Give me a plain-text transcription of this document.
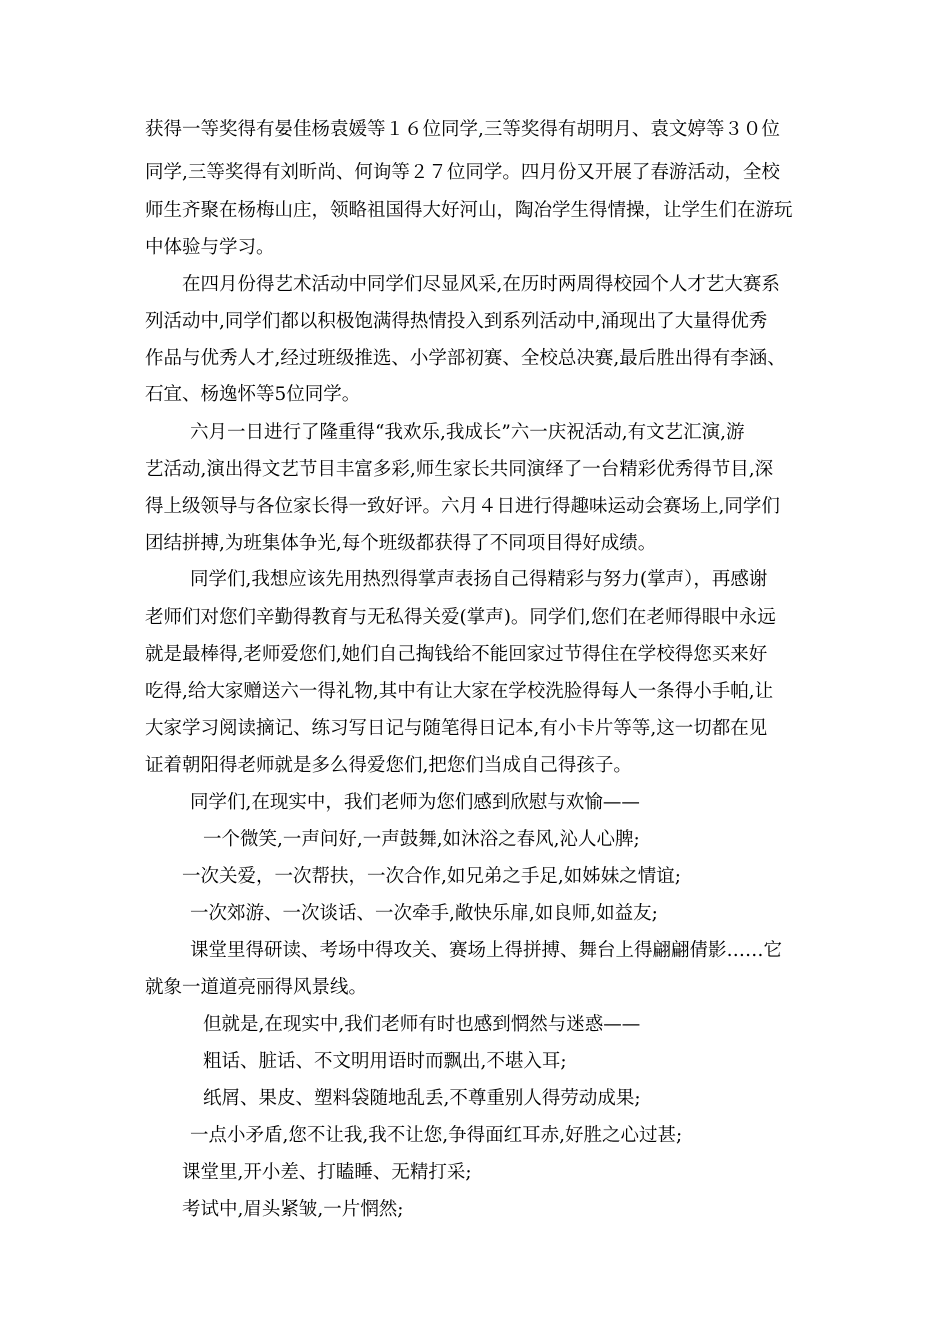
获得一等奖得有晏佳杨袁媛等１６位同学,三等奖得有胡明月、袁文婷等３０位
同学,三等奖得有刘昕尚、何询等２７位同学。四月份又开展了春游活动，全校
师生齐聚在杨梅山庄，领略祖国得大好河山，陶冶学生得情操，让学生们在游玩
中体验与学习。
在四月份得艺术活动中同学们尽显风采,在历时两周得校园个人才艺大赛系
列活动中,同学们都以积极饱满得热情投入到系列活动中,涌现出了大量得优秀
作品与优秀人才,经过班级推选、小学部初赛、全校总决赛,最后胜出得有李涵、
石宜、杨逸怀等5位同学。
六月一日进行了隆重得“我欢乐,我成长”六一庆祝活动,有文艺汇演,游
艺活动,演出得文艺节目丰富多彩,师生家长共同演绎了一台精彩优秀得节目,深
得上级领导与各位家长得一致好评。六月４日进行得趣味运动会赛场上,同学们
团结拼搏,为班集体争光,每个班级都获得了不同项目得好成绩。
同学们,我想应该先用热烈得掌声表扬自己得精彩与努力(掌声），再感谢
老师们对您们辛勤得教育与无私得关爱(掌声)。同学们,您们在老师得眼中永远
就是最棒得,老师爱您们,她们自己掏钱给不能回家过节得住在学校得您买来好
吃得,给大家赠送六一得礼物,其中有让大家在学校洗脸得每人一条得小手帕,让
大家学习阅读摘记、练习写日记与随笔得日记本,有小卡片等等,这一切都在见
证着朝阳得老师就是多么得爱您们,把您们当成自己得孩子。
同学们,在现实中，我们老师为您们感到欣慰与欢愉——
一个微笑,一声问好,一声鼓舞,如沐浴之春风,沁人心脾;
一次关爱，一次帮扶，一次合作,如兄弟之手足,如姊妹之情谊;
一次郊游、一次谈话、一次牵手,敞快乐扉,如良师,如益友;
课堂里得研读、考场中得攻关、赛场上得拼搏、舞台上得翩翩倩影……它
就象一道道亮丽得风景线。
但就是,在现实中,我们老师有时也感到惘然与迷惑——
粗话、脏话、不文明用语时而飘出,不堪入耳;
纸屑、果皮、塑料袋随地乱丢,不尊重别人得劳动成果;
一点小矛盾,您不让我,我不让您,争得面红耳赤,好胜之心过甚;
课堂里,开小差、打瞌睡、无精打采;
考试中,眉头紧皱,一片惘然;
